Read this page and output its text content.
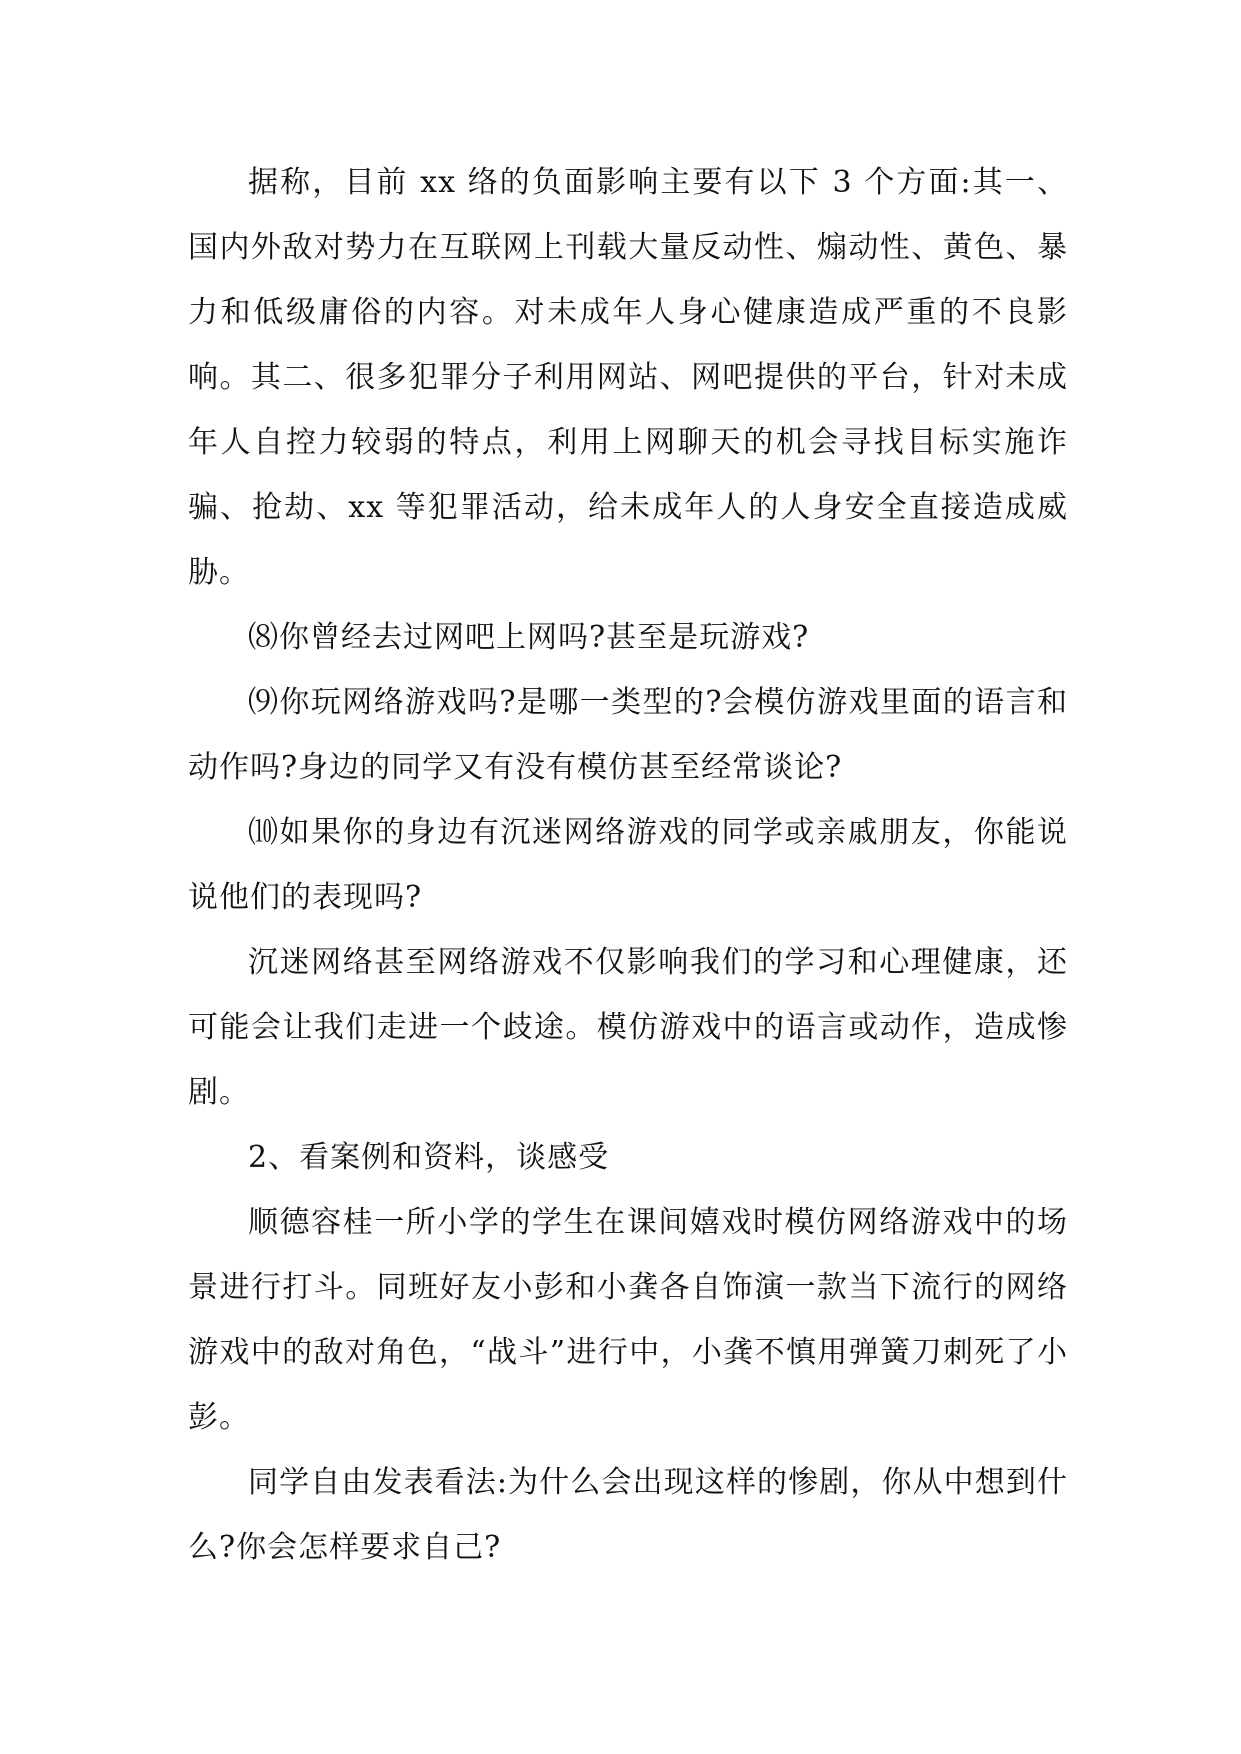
据称，目前 xx 络的负面影响主要有以下 3 个方面:其一、国内外敌对势力在互联网上刊载大量反动性、煽动性、黄色、暴力和低级庸俗的内容。对未成年人身心健康造成严重的不良影响。其二、很多犯罪分子利用网站、网吧提供的平台，针对未成年人自控力较弱的特点，利用上网聊天的机会寻找目标实施诈骗、抢劫、xx 等犯罪活动，给未成年人的人身安全直接造成威胁。

⑻你曾经去过网吧上网吗?甚至是玩游戏?

⑼你玩网络游戏吗?是哪一类型的?会模仿游戏里面的语言和动作吗?身边的同学又有没有模仿甚至经常谈论?

⑽如果你的身边有沉迷网络游戏的同学或亲戚朋友，你能说说他们的表现吗?

沉迷网络甚至网络游戏不仅影响我们的学习和心理健康，还可能会让我们走进一个歧途。模仿游戏中的语言或动作，造成惨剧。

2、看案例和资料，谈感受

顺德容桂一所小学的学生在课间嬉戏时模仿网络游戏中的场景进行打斗。同班好友小彭和小龚各自饰演一款当下流行的网络游戏中的敌对角色，“战斗”进行中，小龚不慎用弹簧刀刺死了小彭。

同学自由发表看法:为什么会出现这样的惨剧，你从中想到什么?你会怎样要求自己?
